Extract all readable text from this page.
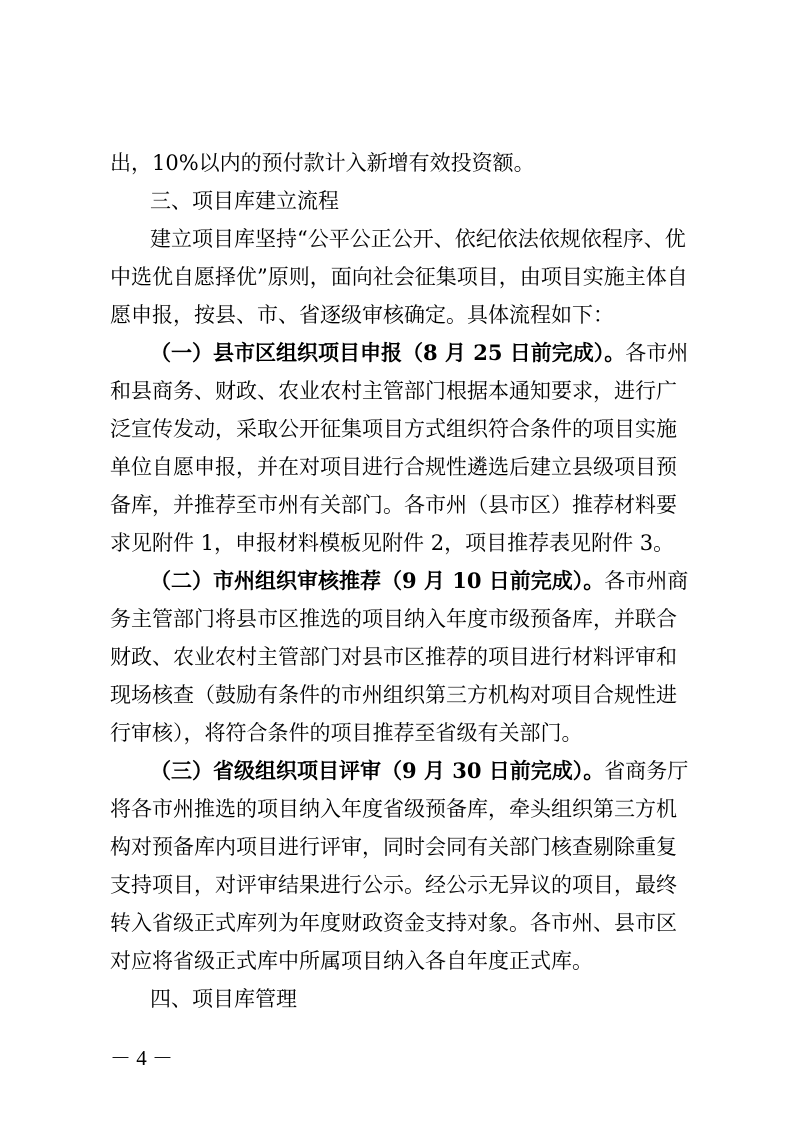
出，10%以内的预付款计入新增有效投资额。
三、项目库建立流程
建立项目库坚持“公平公正公开、依纪依法依规依程序、优
中选优自愿择优”原则，面向社会征集项目，由项目实施主体自
愿申报，按县、市、省逐级审核确定。具体流程如下：
（一）县市区组织项目申报（8 月 25 日前完成）。各市州
和县商务、财政、农业农村主管部门根据本通知要求，进行广
泛宣传发动，采取公开征集项目方式组织符合条件的项目实施
单位自愿申报，并在对项目进行合规性遴选后建立县级项目预
备库，并推荐至市州有关部门。各市州（县市区）推荐材料要
求见附件 1，申报材料模板见附件 2，项目推荐表见附件 3。
（二）市州组织审核推荐（9 月 10 日前完成）。各市州商
务主管部门将县市区推选的项目纳入年度市级预备库，并联合
财政、农业农村主管部门对县市区推荐的项目进行材料评审和
现场核查（鼓励有条件的市州组织第三方机构对项目合规性进
行审核），将符合条件的项目推荐至省级有关部门。
（三）省级组织项目评审（9 月 30 日前完成）。省商务厅
将各市州推选的项目纳入年度省级预备库，牵头组织第三方机
构对预备库内项目进行评审，同时会同有关部门核查剔除重复
支持项目，对评审结果进行公示。经公示无异议的项目，最终
转入省级正式库列为年度财政资金支持对象。各市州、县市区
对应将省级正式库中所属项目纳入各自年度正式库。
四、项目库管理
－ 4 －
